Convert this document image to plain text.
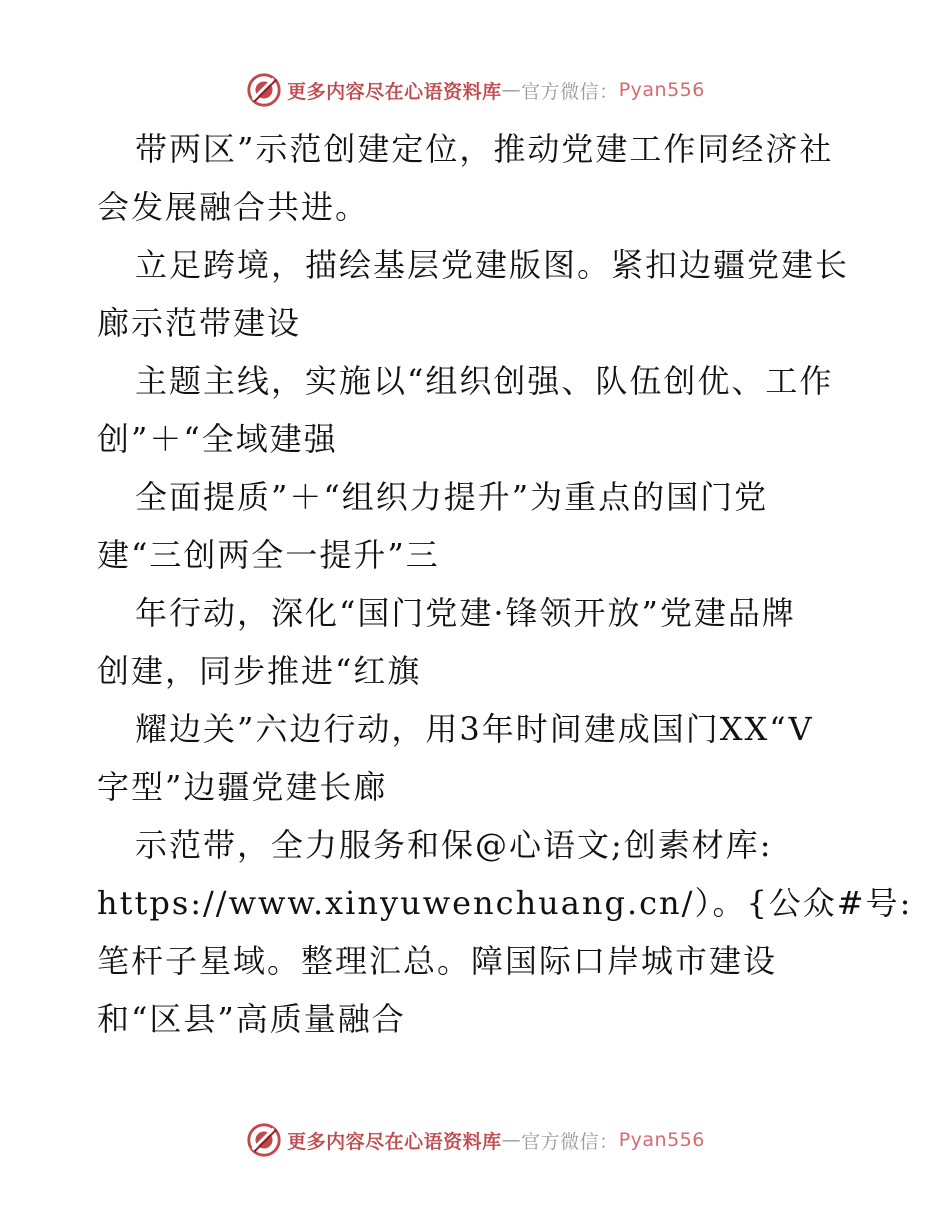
更多内容尽在心语资料库 — 官方微信： Pyan556
带两区”示范创建定位，推动党建工作同经济社
会发展融合共进。
立足跨境，描绘基层党建版图。紧扣边疆党建长
廊示范带建设
主题主线，实施以“组织创强、队伍创优、工作
创”＋“全域建强
全面提质”＋“组织力提升”为重点的国门党
建“三创两全一提升”三
年行动，深化“国门党建·锋领开放”党建品牌
创建，同步推进“红旗
耀边关”六边行动，用3年时间建成国门XX“V
字型”边疆党建长廊
示范带，全力服务和保@心语文;创素材库:
https://www.xinyuwenchuang.cn/）。{公众#号:
笔杆子星域。整理汇总。障国际口岸城市建设
和“区县”高质量融合
更多内容尽在心语资料库 — 官方微信： Pyan556
